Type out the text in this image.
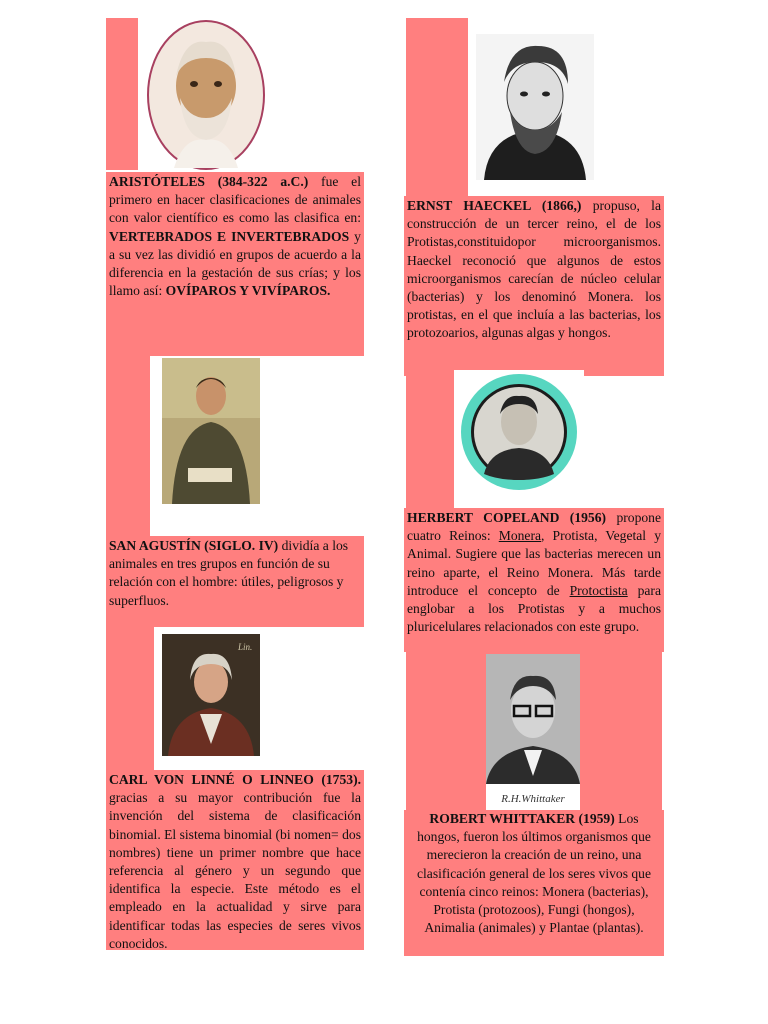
ARISTÓTELES (384-322 a.C.) fue el primero en hacer clasificaciones de animales con valor científico es como las clasifica en: VERTEBRADOS E INVERTEBRADOS y a su vez las dividió en grupos de acuerdo a la diferencia en la gestación de sus crías; y los llamo así: OVÍPAROS Y VIVÍPAROS.
SAN AGUSTÍN (SIGLO. IV) dividía a los animales en tres grupos en función de su relación con el hombre: útiles, peligrosos y superfluos.
Lin.
CARL VON LINNÉ O LINNEO (1753). gracias a su mayor contribución fue la invención del sistema de clasificación binomial. El sistema binomial (bi nomen= dos nombres) tiene un primer nombre que hace referencia al género y un segundo que identifica la especie. Este método es el empleado en la actualidad y sirve para identificar todas las especies de seres vivos conocidos.
ERNST HAECKEL (1866,) propuso, la construcción de un tercer reino, el de los Protistas,constituidopor microorganismos. Haeckel reconoció que algunos de estos microorganismos carecían de núcleo celular (bacterias) y los denominó Monera. los protistas, en el que incluía a las bacterias, los protozoarios, algunas algas y hongos.
HERBERT COPELAND (1956) propone cuatro Reinos: Monera, Protista, Vegetal y Animal. Sugiere que las bacterias merecen un reino aparte, el Reino Monera. Más tarde introduce el concepto de Protoctista para englobar a los Protistas y a muchos pluricelulares relacionados con este grupo.
R.H.Whittaker
ROBERT WHITTAKER (1959) Los hongos, fueron los últimos organismos que merecieron la creación de un reino, una clasificación general de los seres vivos que contenía cinco reinos: Monera (bacterias), Protista (protozoos), Fungi (hongos), Animalia (animales) y Plantae (plantas).
